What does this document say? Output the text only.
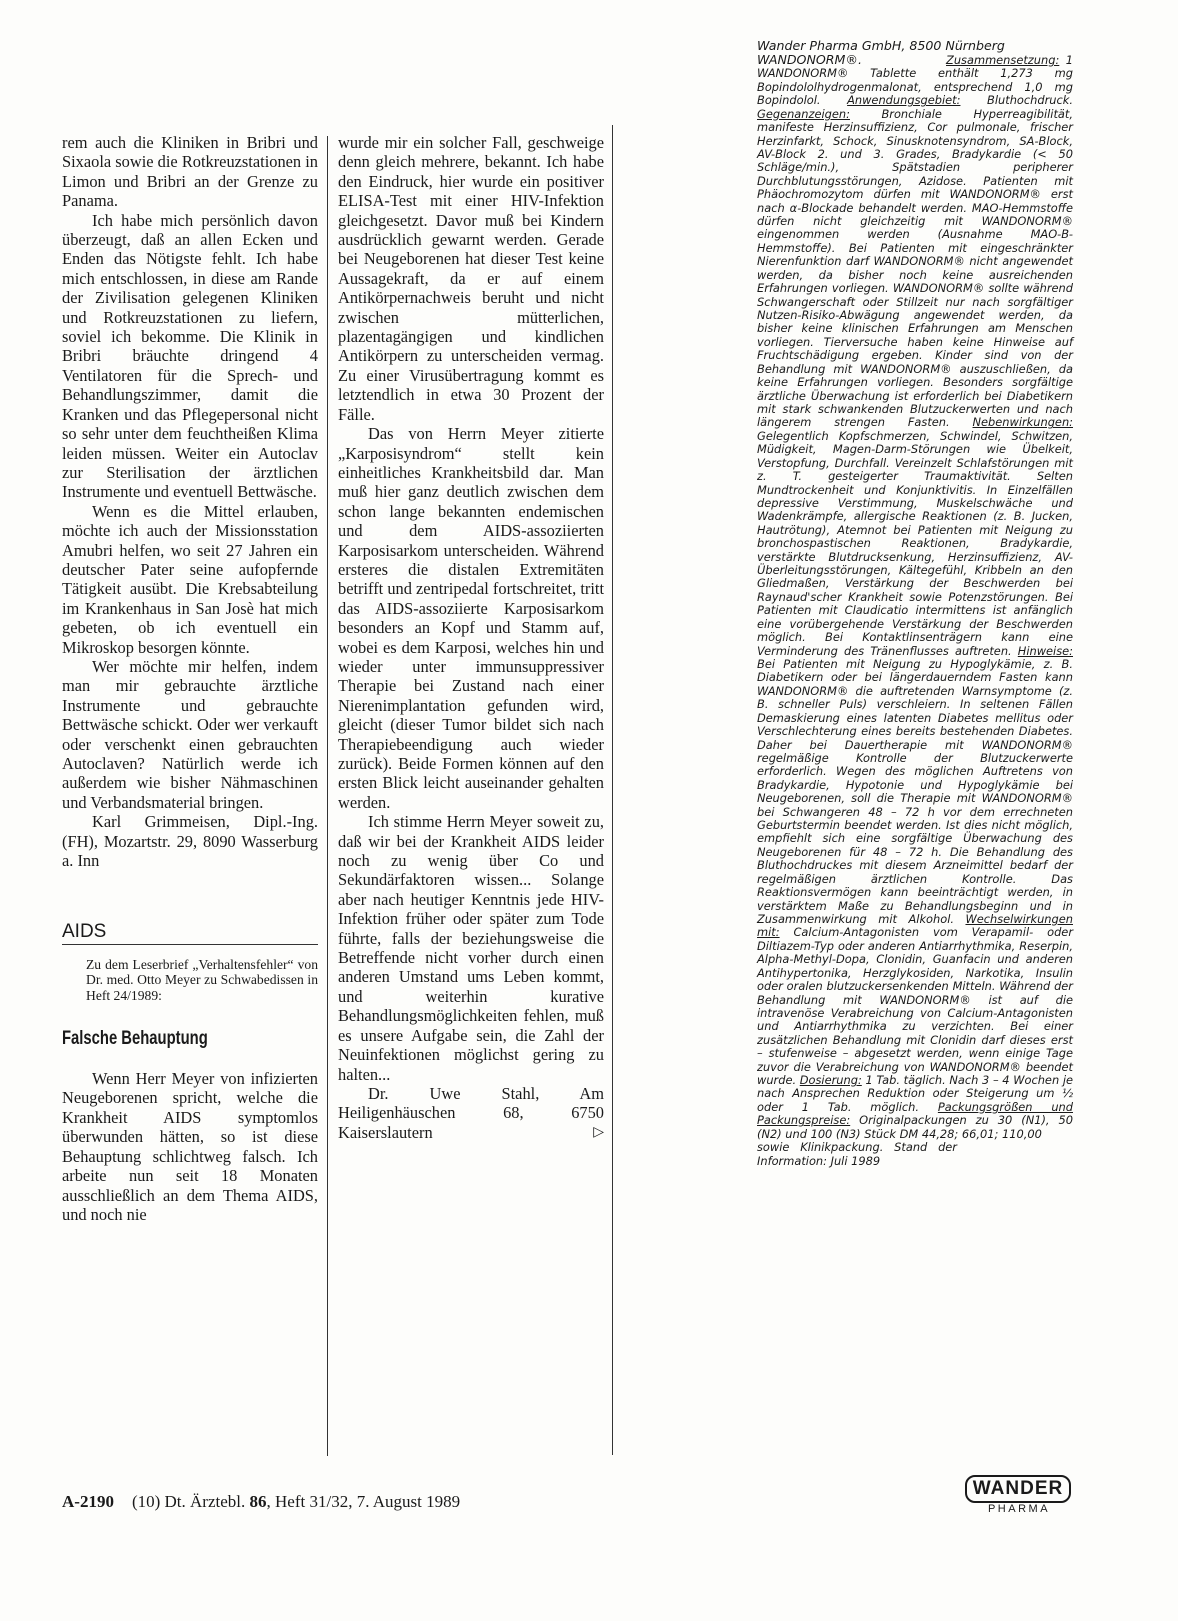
rem auch die Kliniken in Bribri und Sixaola sowie die Rotkreuzstationen in Limon und Bribri an der Grenze zu Panama.

Ich habe mich persönlich davon überzeugt, daß an allen Ecken und Enden das Nötigste fehlt. Ich habe mich entschlossen, in diese am Rande der Zivilisation gelegenen Kliniken und Rotkreuzstationen zu liefern, soviel ich bekomme. Die Klinik in Bribri bräuchte dringend 4 Ventilatoren für die Sprech- und Behandlungszimmer, damit die Kranken und das Pflegepersonal nicht so sehr unter dem feuchtheißen Klima leiden müssen. Weiter ein Autoclav zur Sterilisation der ärztlichen Instrumente und eventuell Bettwäsche.

Wenn es die Mittel erlauben, möchte ich auch der Missionsstation Amubri helfen, wo seit 27 Jahren ein deutscher Pater seine aufopfernde Tätigkeit ausübt. Die Krebsabteilung im Krankenhaus in San Josè hat mich gebeten, ob ich eventuell ein Mikroskop besorgen könnte.

Wer möchte mir helfen, indem man mir gebrauchte ärztliche Instrumente und gebrauchte Bettwäsche schickt. Oder wer verkauft oder verschenkt einen gebrauchten Autoclaven? Natürlich werde ich außerdem wie bisher Nähmaschinen und Verbandsmaterial bringen.

Karl Grimmeisen, Dipl.-Ing. (FH), Mozartstr. 29, 8090 Wasserburg a. Inn

AIDS
Zu dem Leserbrief „Verhaltensfehler“ von Dr. med. Otto Meyer zu Schwabedissen in Heft 24/1989:
Falsche Behauptung

Wenn Herr Meyer von infizierten Neugeborenen spricht, welche die Krankheit AIDS symptomlos überwunden hätten, so ist diese Behauptung schlichtweg falsch. Ich arbeite nun seit 18 Monaten ausschließlich an dem Thema AIDS, und noch nie

wurde mir ein solcher Fall, geschweige denn gleich mehrere, bekannt. Ich habe den Eindruck, hier wurde ein positiver ELISA-Test mit einer HIV-Infektion gleichgesetzt. Davor muß bei Kindern ausdrücklich gewarnt werden. Gerade bei Neugeborenen hat dieser Test keine Aussagekraft, da er auf einem Antikörpernachweis beruht und nicht zwischen mütterlichen, plazentagängigen und kindlichen Antikörpern zu unterscheiden vermag. Zu einer Virusübertragung kommt es letztendlich in etwa 30 Prozent der Fälle.

Das von Herrn Meyer zitierte „Karposisyndrom“ stellt kein einheitliches Krankheitsbild dar. Man muß hier ganz deutlich zwischen dem schon lange bekannten endemischen und dem AIDS-assoziierten Karposisarkom unterscheiden. Während ersteres die distalen Extremitäten betrifft und zentripedal fortschreitet, tritt das AIDS-assoziierte Karposisarkom besonders an Kopf und Stamm auf, wobei es dem Karposi, welches hin und wieder unter immunsuppressiver Therapie bei Zustand nach einer Nierenimplantation gefunden wird, gleicht (dieser Tumor bildet sich nach Therapiebeendigung auch wieder zurück). Beide Formen können auf den ersten Blick leicht auseinander gehalten werden.

Ich stimme Herrn Meyer soweit zu, daß wir bei der Krankheit AIDS leider noch zu wenig über Co und Sekundärfaktoren wissen... Solange aber nach heutiger Kenntnis jede HIV-Infektion früher oder später zum Tode führte, falls der beziehungsweise die Betreffende nicht vorher durch einen anderen Umstand ums Leben kommt, und weiterhin kurative Behandlungsmöglichkeiten fehlen, muß es unsere Aufgabe sein, die Zahl der Neuinfektionen möglichst gering zu halten...

Dr. Uwe Stahl, Am Heiligenhäuschen 68, 6750 Kaiserslautern	▷

Wander Pharma GmbH, 8500 Nürnberg
WANDONORM®.	Zusammensetzung: 1 WANDONORM® Tablette enthält 1,273 mg Bopindololhydrogenmalonat, entsprechend 1,0 mg Bopindolol. Anwendungsgebiet: Bluthochdruck. Gegenanzeigen: Bronchiale Hyperreagibilität, manifeste Herzinsuffizienz, Cor pulmonale, frischer Herzinfarkt, Schock, Sinusknotensyndrom, SA-Block, AV-Block 2. und 3. Grades, Bradykardie (< 50 Schläge/min.), Spätstadien peripherer Durchblutungsstörungen, Azidose. Patienten mit Phäochromozytom dürfen mit WANDONORM® erst nach α-Blockade behandelt werden. MAO-Hemmstoffe dürfen nicht gleichzeitig mit WANDONORM® eingenommen werden (Ausnahme MAO-B-Hemmstoffe). Bei Patienten mit eingeschränkter Nierenfunktion darf WANDONORM® nicht angewendet werden, da bisher noch keine ausreichenden Erfahrungen vorliegen. WANDONORM® sollte während Schwangerschaft oder Stillzeit nur nach sorgfältiger Nutzen-Risiko-Abwägung angewendet werden, da bisher keine klinischen Erfahrungen am Menschen vorliegen. Tierversuche haben keine Hinweise auf Fruchtschädigung ergeben. Kinder sind von der Behandlung mit WANDONORM® auszuschließen, da keine Erfahrungen vorliegen. Besonders sorgfältige ärztliche Überwachung ist erforderlich bei Diabetikern mit stark schwankenden Blutzuckerwerten und nach längerem strengen Fasten. Nebenwirkungen: Gelegentlich Kopfschmerzen, Schwindel, Schwitzen, Müdigkeit, Magen-Darm-Störungen wie Übelkeit, Verstopfung, Durchfall. Vereinzelt Schlafstörungen mit z. T. gesteigerter Traumaktivität. Selten Mundtrockenheit und Konjunktivitis. In Einzelfällen depressive Verstimmung, Muskelschwäche und Wadenkrämpfe, allergische Reaktionen (z. B. Jucken, Hautrötung), Atemnot bei Patienten mit Neigung zu bronchospastischen Reaktionen, Bradykardie, verstärkte Blutdrucksenkung, Herzinsuffizienz, AV-Überleitungsstörungen, Kältegefühl, Kribbeln an den Gliedmaßen, Verstärkung der Beschwerden bei Raynaud'scher Krankheit sowie Potenzstörungen. Bei Patienten mit Claudicatio intermittens ist anfänglich eine vorübergehende Verstärkung der Beschwerden möglich. Bei Kontaktlinsenträgern kann eine Verminderung des Tränenflusses auftreten. Hinweise: Bei Patienten mit Neigung zu Hypoglykämie, z. B. Diabetikern oder bei längerdauerndem Fasten kann WANDONORM® die auftretenden Warnsymptome (z. B. schneller Puls) verschleiern. In seltenen Fällen Demaskierung eines latenten Diabetes mellitus oder Verschlechterung eines bereits bestehenden Diabetes. Daher bei Dauertherapie mit WANDONORM® regelmäßige Kontrolle der Blutzuckerwerte erforderlich. Wegen des möglichen Auftretens von Bradykardie, Hypotonie und Hypoglykämie bei Neugeborenen, soll die Therapie mit WANDONORM® bei Schwangeren 48 – 72 h vor dem errechneten Geburtstermin beendet werden. Ist dies nicht möglich, empfiehlt sich eine sorgfältige Überwachung des Neugeborenen für 48 – 72 h. Die Behandlung des Bluthochdruckes mit diesem Arzneimittel bedarf der regelmäßigen ärztlichen Kontrolle. Das Reaktionsvermögen kann beeinträchtigt werden, in verstärktem Maße zu Behandlungsbeginn und in Zusammenwirkung mit Alkohol. Wechselwirkungen mit: Calcium-Antagonisten vom Verapamil- oder Diltiazem-Typ oder anderen Antiarrhythmika, Reserpin, Alpha-Methyl-Dopa, Clonidin, Guanfacin und anderen Antihypertonika, Herzglykosiden, Narkotika, Insulin oder oralen blutzuckersenkenden Mitteln. Während der Behandlung mit WANDONORM® ist auf die intravenöse Verabreichung von Calcium-Antagonisten und Antiarrhythmika zu verzichten. Bei einer zusätzlichen Behandlung mit Clonidin darf dieses erst – stufenweise – abgesetzt werden, wenn einige Tage zuvor die Verabreichung von WANDONORM® beendet wurde. Dosierung: 1 Tab. täglich. Nach 3 – 4 Wochen je nach Ansprechen Reduktion oder Steigerung um ½ oder 1 Tab. möglich. Packungsgrößen und Packungspreise: Originalpackungen zu 30 (N1), 50 (N2) und 100 (N3) Stück DM 44,28; 66,01; 110,00
sowie Klinikpackung. Stand der Information: Juli 1989
WANDER
PHARMA
A-2190 (10) Dt. Ärztebl. 86, Heft 31/32, 7. August 1989
